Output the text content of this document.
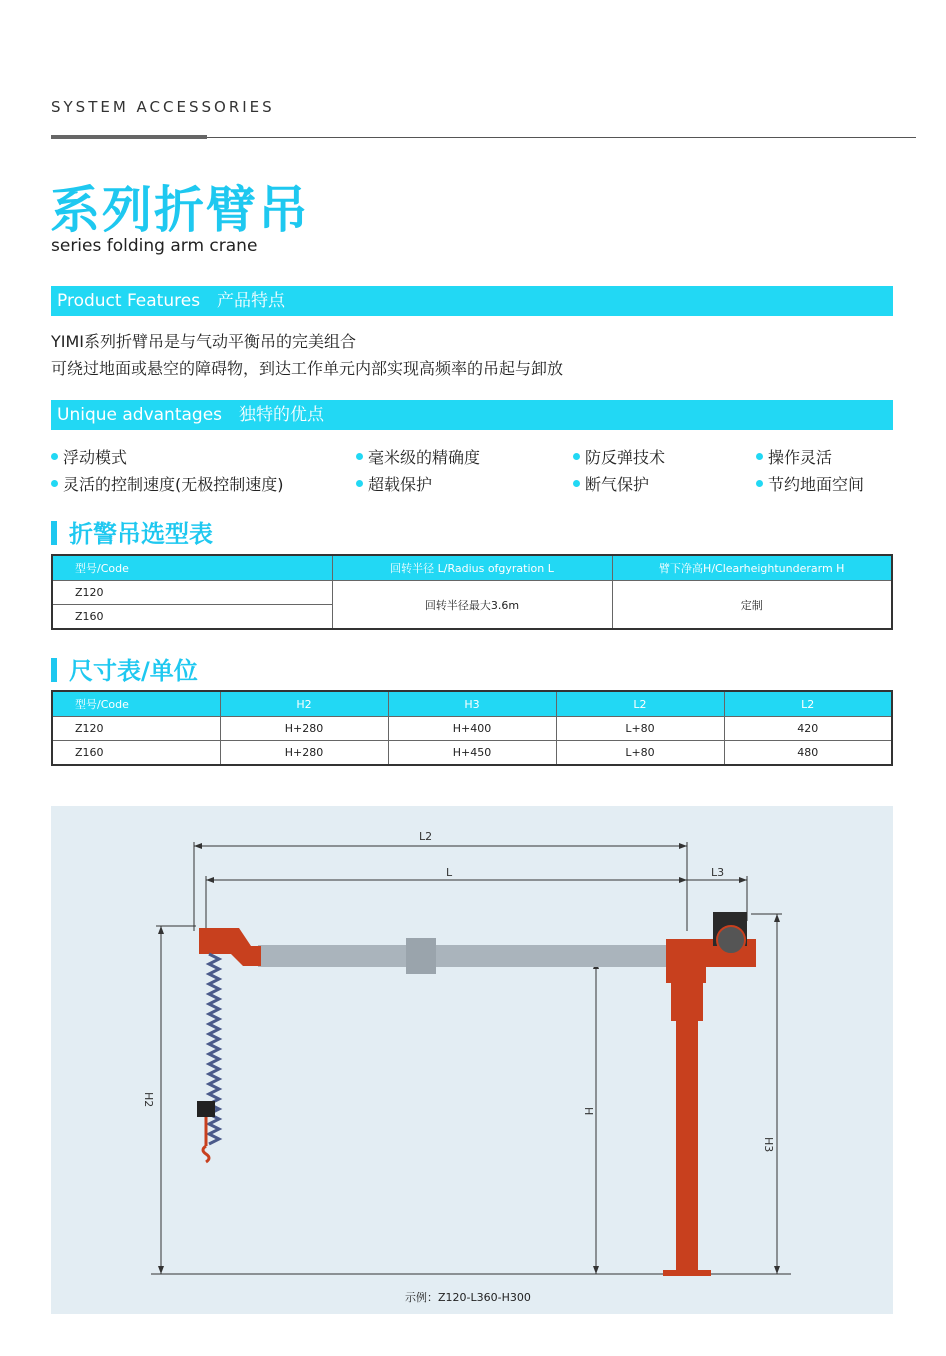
SYSTEM ACCESSORIES
系列折臂吊
series folding arm crane
Product Features　产品特点
YIMI系列折臂吊是与气动平衡吊的完美组合
可绕过地面或悬空的障碍物，到达工作单元内部实现高频率的吊起与卸放
Unique advantages　独特的优点
浮动模式	毫米级的精确度	防反弹技术	操作灵活
灵活的控制速度(无极控制速度)	超载保护	断气保护	节约地面空间
折警吊选型表
型号/Code	回转半径 L/Radius ofgyration L	臂下净高H/Clearheightunderarm H
Z120	回转半径最大3.6m	定制
Z160		
尺寸表/单位
型号/Code	H2	H3	L2	L2
Z120	H+280	H+400	L+80	420
Z160	H+280	H+450	L+80	480
L2
L	L3
H2
H
H3
示例：Z120-L360-H300
